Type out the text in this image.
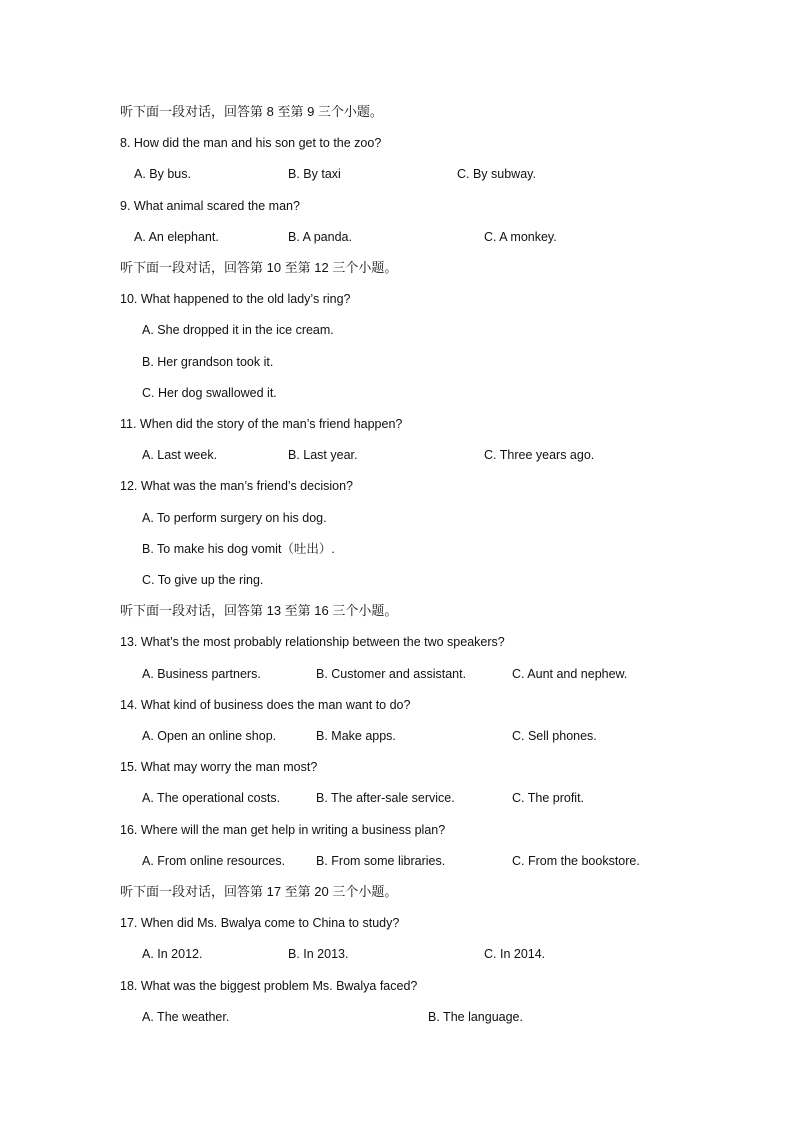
听下面一段对话，回答第 8 至第 9 三个小题。
8. How did the man and his son get to the zoo?
A. By bus.	B. By taxi	C. By subway.
9. What animal scared the man?
A. An elephant.	B. A panda.	C. A monkey.
听下面一段对话，回答第 10 至第 12 三个小题。
10. What happened to the old lady’s ring?
A. She dropped it in the ice cream.
B. Her grandson took it.
C. Her dog swallowed it.
11. When did the story of the man’s friend happen?
A. Last week.	B. Last year.	C. Three years ago.
12. What was the man’s friend’s decision?
A. To perform surgery on his dog.
B. To make his dog vomit（吐出）.
C. To give up the ring.
听下面一段对话，回答第 13 至第 16 三个小题。
13. What’s the most probably relationship between the two speakers?
A. Business partners.	B. Customer and assistant.	C. Aunt and nephew.
14. What kind of business does the man want to do?
A. Open an online shop.	B. Make apps.	C. Sell phones.
15. What may worry the man most?
A. The operational costs.	B. The after-sale service.	C. The profit.
16. Where will the man get help in writing a business plan?
A. From online resources. B. From some libraries.	C. From the bookstore.
听下面一段对话，回答第 17 至第 20 三个小题。
17. When did Ms. Bwalya come to China to study?
A. In 2012.	B. In 2013.	C. In 2014.
18. What was the biggest problem Ms. Bwalya faced?
A. The weather.	B. The language.
